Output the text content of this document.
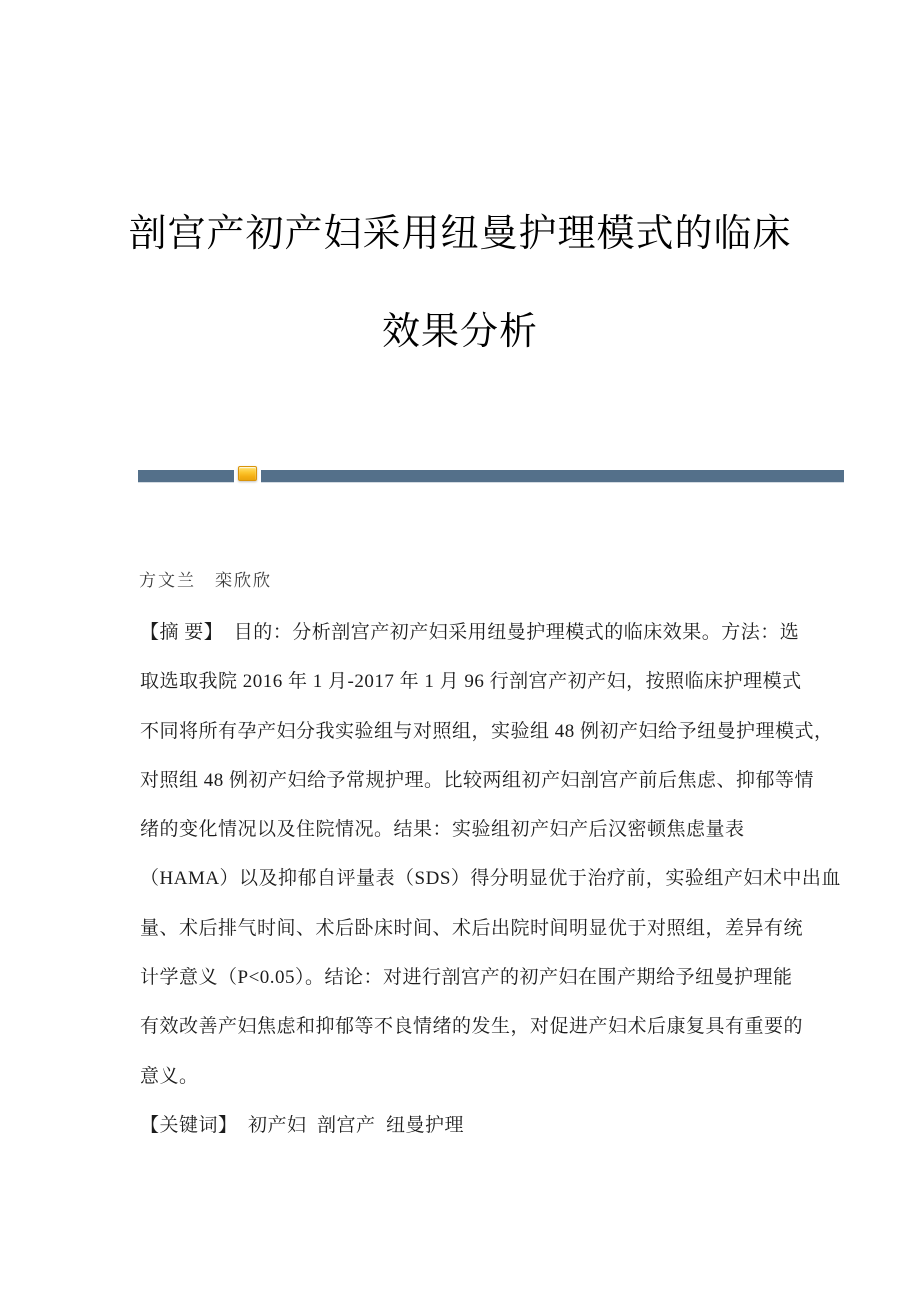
剖宫产初产妇采用纽曼护理模式的临床
效果分析
方文兰　栾欣欣
【摘 要】  目的：分析剖宫产初产妇采用纽曼护理模式的临床效果。方法：选
取选取我院 2016 年 1 月-2017 年 1 月 96 行剖宫产初产妇，按照临床护理模式
不同将所有孕产妇分我实验组与对照组，实验组 48 例初产妇给予纽曼护理模式，
对照组 48 例初产妇给予常规护理。比较两组初产妇剖宫产前后焦虑、抑郁等情
绪的变化情况以及住院情况。结果：实验组初产妇产后汉密顿焦虑量表
（HAMA）以及抑郁自评量表（SDS）得分明显优于治疗前，实验组产妇术中出血
量、术后排气时间、术后卧床时间、术后出院时间明显优于对照组，差异有统
计学意义（P<0.05）。结论：对进行剖宫产的初产妇在围产期给予纽曼护理能
有效改善产妇焦虑和抑郁等不良情绪的发生，对促进产妇术后康复具有重要的
意义。
【关键词】  初产妇  剖宫产  纽曼护理
